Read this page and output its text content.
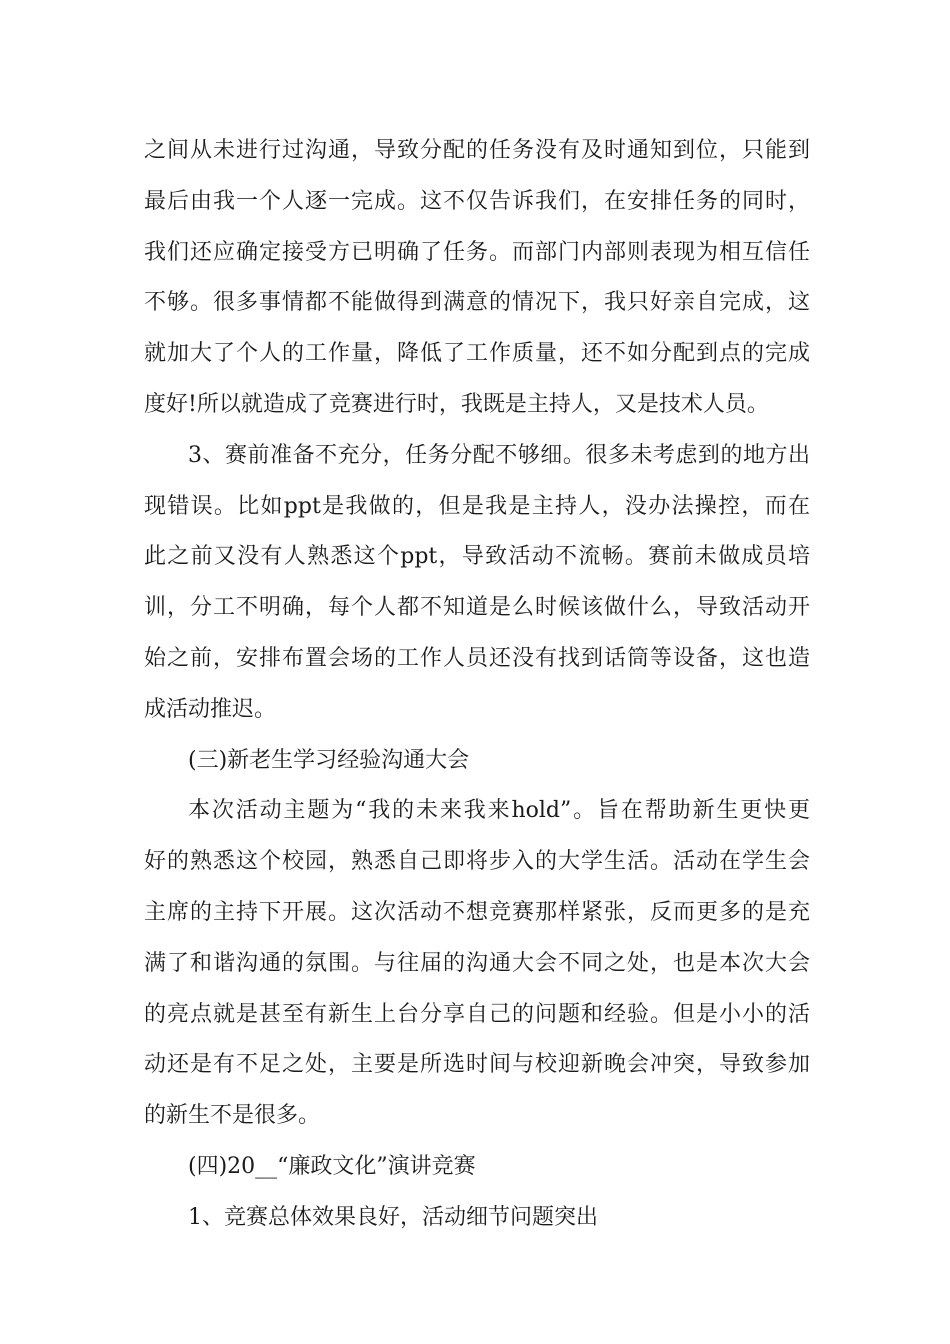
之间从未进行过沟通，导致分配的任务没有及时通知到位，只能到
最后由我一个人逐一完成。这不仅告诉我们，在安排任务的同时，
我们还应确定接受方已明确了任务。而部门内部则表现为相互信任
不够。很多事情都不能做得到满意的情况下，我只好亲自完成，这
就加大了个人的工作量，降低了工作质量，还不如分配到点的完成
度好!所以就造成了竞赛进行时，我既是主持人，又是技术人员。
3、赛前准备不充分，任务分配不够细。很多未考虑到的地方出
现错误。比如ppt是我做的，但是我是主持人，没办法操控，而在
此之前又没有人熟悉这个ppt，导致活动不流畅。赛前未做成员培
训，分工不明确，每个人都不知道是么时候该做什么，导致活动开
始之前，安排布置会场的工作人员还没有找到话筒等设备，这也造
成活动推迟。
(三)新老生学习经验沟通大会
本次活动主题为“我的未来我来hold”。旨在帮助新生更快更
好的熟悉这个校园，熟悉自己即将步入的大学生活。活动在学生会
主席的主持下开展。这次活动不想竞赛那样紧张，反而更多的是充
满了和谐沟通的氛围。与往届的沟通大会不同之处，也是本次大会
的亮点就是甚至有新生上台分享自己的问题和经验。但是小小的活
动还是有不足之处，主要是所选时间与校迎新晚会冲突，导致参加
的新生不是很多。
(四)20__“廉政文化”演讲竞赛
1、竞赛总体效果良好，活动细节问题突出
